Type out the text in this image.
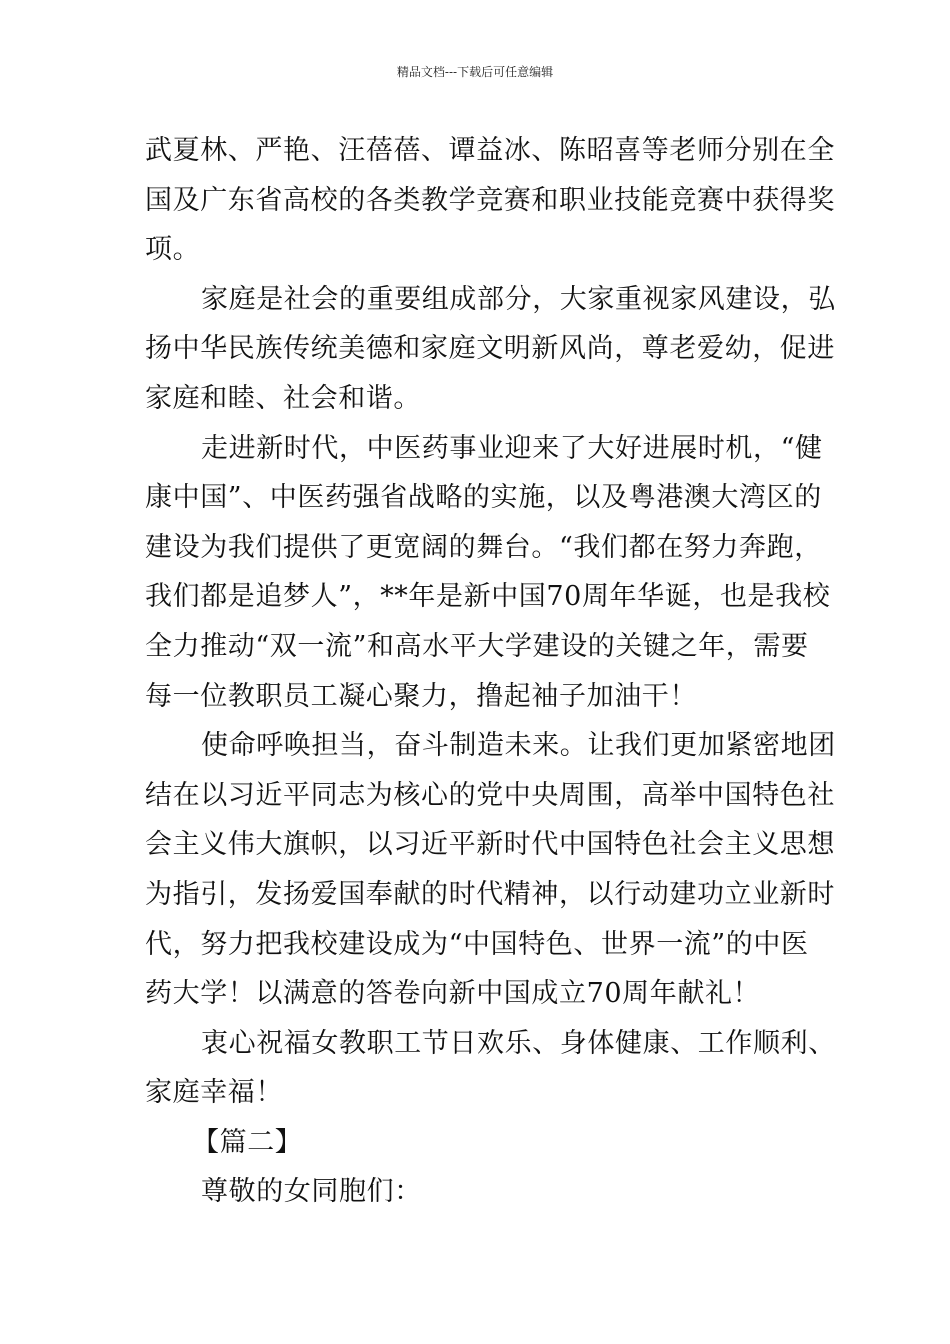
精品文档---下载后可任意编辑

武夏林、严艳、汪蓓蓓、谭益冰、陈昭喜等老师分别在全
国及广东省高校的各类教学竞赛和职业技能竞赛中获得奖
项。

家庭是社会的重要组成部分，大家重视家风建设，弘
扬中华民族传统美德和家庭文明新风尚，尊老爱幼，促进
家庭和睦、社会和谐。

走进新时代，中医药事业迎来了大好进展时机，“健
康中国”、中医药强省战略的实施，以及粤港澳大湾区的
建设为我们提供了更宽阔的舞台。“我们都在努力奔跑，
我们都是追梦人”，**年是新中国70周年华诞，也是我校
全力推动“双一流”和高水平大学建设的关键之年，需要
每一位教职员工凝心聚力，撸起袖子加油干！

使命呼唤担当，奋斗制造未来。让我们更加紧密地团
结在以习近平同志为核心的党中央周围，高举中国特色社
会主义伟大旗帜，以习近平新时代中国特色社会主义思想
为指引，发扬爱国奉献的时代精神，以行动建功立业新时
代，努力把我校建设成为“中国特色、世界一流”的中医
药大学！以满意的答卷向新中国成立70周年献礼！

衷心祝福女教职工节日欢乐、身体健康、工作顺利、
家庭幸福！

【篇二】

尊敬的女同胞们：
